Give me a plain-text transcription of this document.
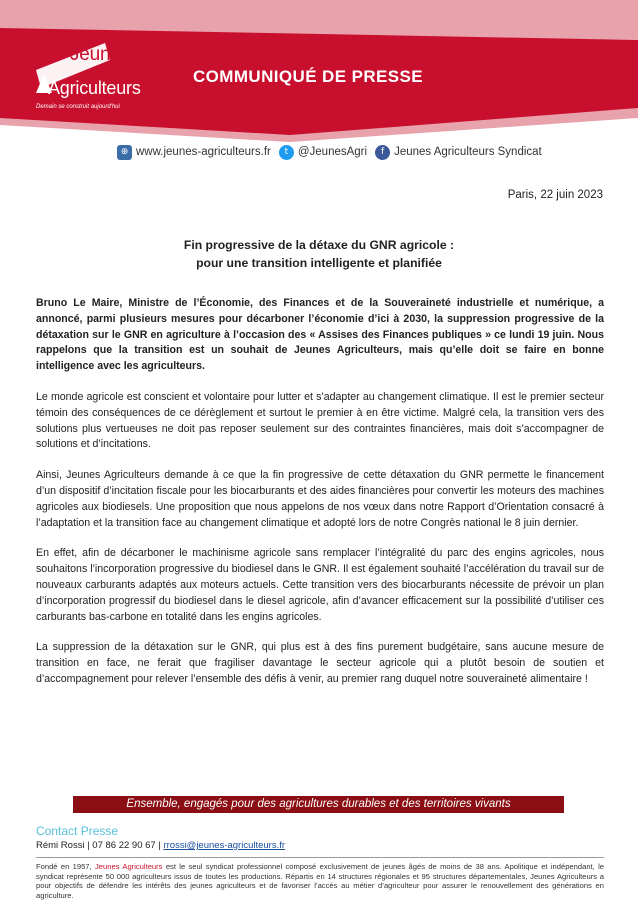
Jeunes
Agriculteurs
Demain se construit aujourd'hui
COMMUNIQUÉ DE PRESSE
⊕ www.jeunes-agriculteurs.fr	t @JeunesAgri	f Jeunes Agriculteurs Syndicat
Paris, 22 juin 2023
Fin progressive de la détaxe du GNR agricole :
pour une transition intelligente et planifiée

Bruno Le Maire, Ministre de l’Économie, des Finances et de la Souveraineté industrielle et numérique, a annoncé, parmi plusieurs mesures pour décarboner l’économie d’ici à 2030, la suppression progressive de la détaxation sur le GNR en agriculture à l’occasion des « Assises des Finances publiques » ce lundi 19 juin. Nous rappelons que la transition est un souhait de Jeunes Agriculteurs, mais qu’elle doit se faire en bonne intelligence avec les agriculteurs.

Le monde agricole est conscient et volontaire pour lutter et s’adapter au changement climatique. Il est le premier secteur témoin des conséquences de ce dérèglement et surtout le premier à en être victime. Malgré cela, la transition vers des solutions plus vertueuses ne doit pas reposer seulement sur des contraintes financières, mais doit s’accompagner de solutions et d’incitations.

Ainsi, Jeunes Agriculteurs demande à ce que la fin progressive de cette détaxation du GNR permette le financement d’un dispositif d’incitation fiscale pour les biocarburants et des aides financières pour convertir les moteurs des machines agricoles aux biodiesels. Une proposition que nous appelons de nos vœux dans notre Rapport d’Orientation consacré à l’adaptation et la transition face au changement climatique et adopté lors de notre Congrès national le 8 juin dernier.

En effet, afin de décarboner le machinisme agricole sans remplacer l’intégralité du parc des engins agricoles, nous souhaitons l’incorporation progressive du biodiesel dans le GNR. Il est également souhaité l’accélération du travail sur de nouveaux carburants adaptés aux moteurs actuels. Cette transition vers des biocarburants nécessite de prévoir un plan d’incorporation progressif du biodiesel dans le diesel agricole, afin d’avancer efficacement sur la possibilité d’utiliser ces carburants bas-carbone en totalité dans les engins agricoles.

La suppression de la détaxation sur le GNR, qui plus est à des fins purement budgétaire, sans aucune mesure de transition en face, ne ferait que fragiliser davantage le secteur agricole qui a plutôt besoin de soutien et d’accompagnement pour relever l’ensemble des défis à venir, au premier rang duquel notre souveraineté alimentaire !

Ensemble, engagés pour des agricultures durables et des territoires vivants
Contact Presse
Rémi Rossi | 07 86 22 90 67 | rrossi@jeunes-agriculteurs.fr
Fondé en 1957, Jeunes Agriculteurs est le seul syndicat professionnel composé exclusivement de jeunes âgés de moins de 38 ans. Apolitique et indépendant, le syndicat représente 50 000 agriculteurs issus de toutes les productions. Répartis en 14 structures régionales et 95 structures départementales, Jeunes Agriculteurs a pour objectifs de défendre les intérêts des jeunes agriculteurs et de favoriser l’accès au métier d’agriculteur pour assurer le renouvellement des générations en agriculture.
